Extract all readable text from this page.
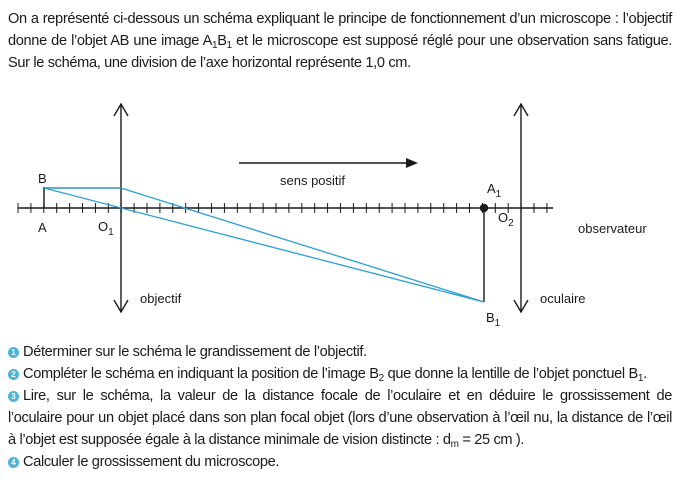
On a représenté ci-dessous un schéma expliquant le principe de fonctionnement d’un microscope : l’objectif donne de l’objet AB une image $A_1B_1$ et le microscope est supposé réglé pour une observation sans fatigue. Sur le schéma, une division de l’axe horizontal représente 1,0 cm.

B
A	$O_1$
$O_2$
$A_1$
$B_1$
sens positif
observateur
objectif	oculaire

1 Déterminer sur le schéma le grandissement de l’objectif.

2 Compléter le schéma en indiquant la position de l’image $B_2$ que donne la lentille de l’objet ponctuel $B_1$.

3 Lire, sur le schéma, la valeur de la distance focale de l’oculaire et en déduire le grossissement de l’oculaire pour un objet placé dans son plan focal objet (lors d’une observation à l’œil nu, la distance de l’œil à l’objet est supposée égale à la distance minimale de vision distincte : $d_m = 25$ cm ).

4 Calculer le grossissement du microscope.
